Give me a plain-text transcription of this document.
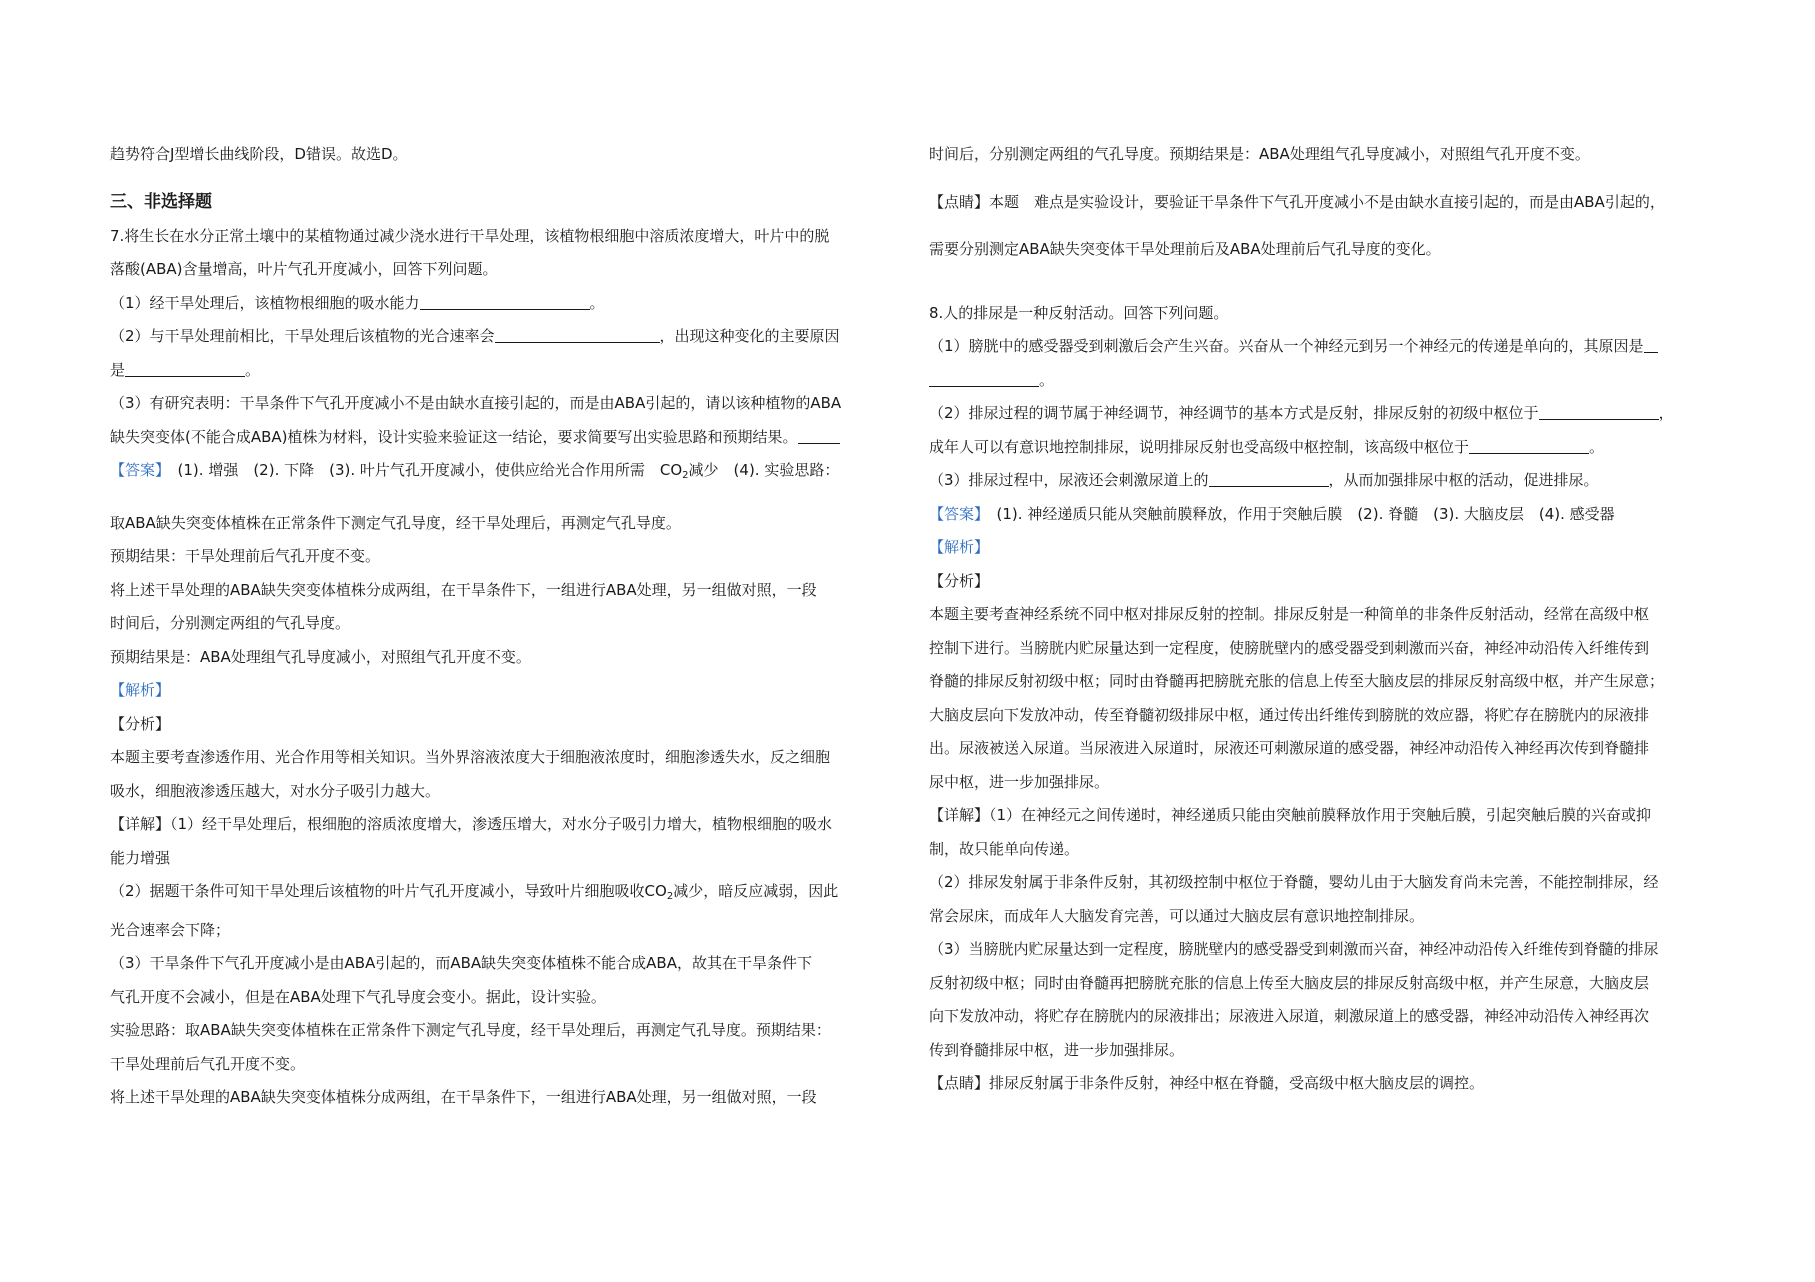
趋势符合J型增长曲线阶段，D错误。故选D。

三、非选择题

7.将生长在水分正常土壤中的某植物通过减少浇水进行干旱处理，该植物根细胞中溶质浓度增大，叶片中的脱

落酸(ABA)含量增高，叶片气孔开度减小，回答下列问题。

（1）经干旱处理后，该植物根细胞的吸水能力	。

（2）与干旱处理前相比，干旱处理后该植物的光合速率会	，出现这种变化的主要原因

是	。

（3）有研究表明：干旱条件下气孔开度减小不是由缺水直接引起的，而是由ABA引起的，请以该种植物的ABA

缺失突变体(不能合成ABA)植株为材料，设计实验来验证这一结论，要求简要写出实验思路和预期结果。

【答案】　 (1). 增强　(2). 下降　(3). 叶片气孔开度减小，使供应给光合作用所需　$CO_2$减少　(4). 实验思路：

取ABA缺失突变体植株在正常条件下测定气孔导度，经干旱处理后，再测定气孔导度。

预期结果：干旱处理前后气孔开度不变。

将上述干旱处理的ABA缺失突变体植株分成两组，在干旱条件下，一组进行ABA处理，另一组做对照，一段

时间后，分别测定两组的气孔导度。

预期结果是：ABA处理组气孔导度减小，对照组气孔开度不变。

【解析】

【分析】

本题主要考查渗透作用、光合作用等相关知识。当外界溶液浓度大于细胞液浓度时，细胞渗透失水，反之细胞

吸水，细胞液渗透压越大，对水分子吸引力越大。

【详解】（1）经干旱处理后，根细胞的溶质浓度增大，渗透压增大，对水分子吸引力增大，植物根细胞的吸水

能力增强

（2）据题干条件可知干旱处理后该植物的叶片气孔开度减小，导致叶片细胞吸收$CO_2$减少，暗反应减弱，因此

光合速率会下降；

（3）干旱条件下气孔开度减小是由ABA引起的，而ABA缺失突变体植株不能合成ABA，故其在干旱条件下

气孔开度不会减小，但是在ABA处理下气孔导度会变小。据此，设计实验。

实验思路：取ABA缺失突变体植株在正常条件下测定气孔导度，经干旱处理后，再测定气孔导度。预期结果：

干旱处理前后气孔开度不变。

将上述干旱处理的ABA缺失突变体植株分成两组，在干旱条件下，一组进行ABA处理，另一组做对照，一段

时间后，分别测定两组的气孔导度。预期结果是：ABA处理组气孔导度减小，对照组气孔开度不变。

【点睛】本题　难点是实验设计，要验证干旱条件下气孔开度减小不是由缺水直接引起的，而是由ABA引起的，

需要分别测定ABA缺失突变体干旱处理前后及ABA处理前后气孔导度的变化。

8.人的排尿是一种反射活动。回答下列问题。

（1）膀胱中的感受器受到刺激后会产生兴奋。兴奋从一个神经元到另一个神经元的传递是单向的，其原因是

。

（2）排尿过程的调节属于神经调节，神经调节的基本方式是反射，排尿反射的初级中枢位于	，

成年人可以有意识地控制排尿，说明排尿反射也受高级中枢控制，该高级中枢位于	。

（3）排尿过程中，尿液还会刺激尿道上的	，从而加强排尿中枢的活动，促进排尿。

【答案】　 (1). 神经递质只能从突触前膜释放，作用于突触后膜　(2). 脊髓　(3). 大脑皮层　(4). 感受器

【解析】

【分析】

本题主要考查神经系统不同中枢对排尿反射的控制。排尿反射是一种简单的非条件反射活动，经常在高级中枢

控制下进行。当膀胱内贮尿量达到一定程度，使膀胱壁内的感受器受到刺激而兴奋，神经冲动沿传入纤维传到

脊髓的排尿反射初级中枢；同时由脊髓再把膀胱充胀的信息上传至大脑皮层的排尿反射高级中枢，并产生尿意；

大脑皮层向下发放冲动，传至脊髓初级排尿中枢，通过传出纤维传到膀胱的效应器，将贮存在膀胱内的尿液排

出。尿液被送入尿道。当尿液进入尿道时，尿液还可刺激尿道的感受器，神经冲动沿传入神经再次传到脊髓排

尿中枢，进一步加强排尿。

【详解】（1）在神经元之间传递时，神经递质只能由突触前膜释放作用于突触后膜，引起突触后膜的兴奋或抑

制，故只能单向传递。

（2）排尿发射属于非条件反射，其初级控制中枢位于脊髓，婴幼儿由于大脑发育尚未完善，不能控制排尿，经

常会尿床，而成年人大脑发育完善，可以通过大脑皮层有意识地控制排尿。

（3）当膀胱内贮尿量达到一定程度，膀胱壁内的感受器受到刺激而兴奋，神经冲动沿传入纤维传到脊髓的排尿

反射初级中枢；同时由脊髓再把膀胱充胀的信息上传至大脑皮层的排尿反射高级中枢，并产生尿意，大脑皮层

向下发放冲动，将贮存在膀胱内的尿液排出；尿液进入尿道，刺激尿道上的感受器，神经冲动沿传入神经再次

传到脊髓排尿中枢，进一步加强排尿。

【点睛】排尿反射属于非条件反射，神经中枢在脊髓，受高级中枢大脑皮层的调控。
